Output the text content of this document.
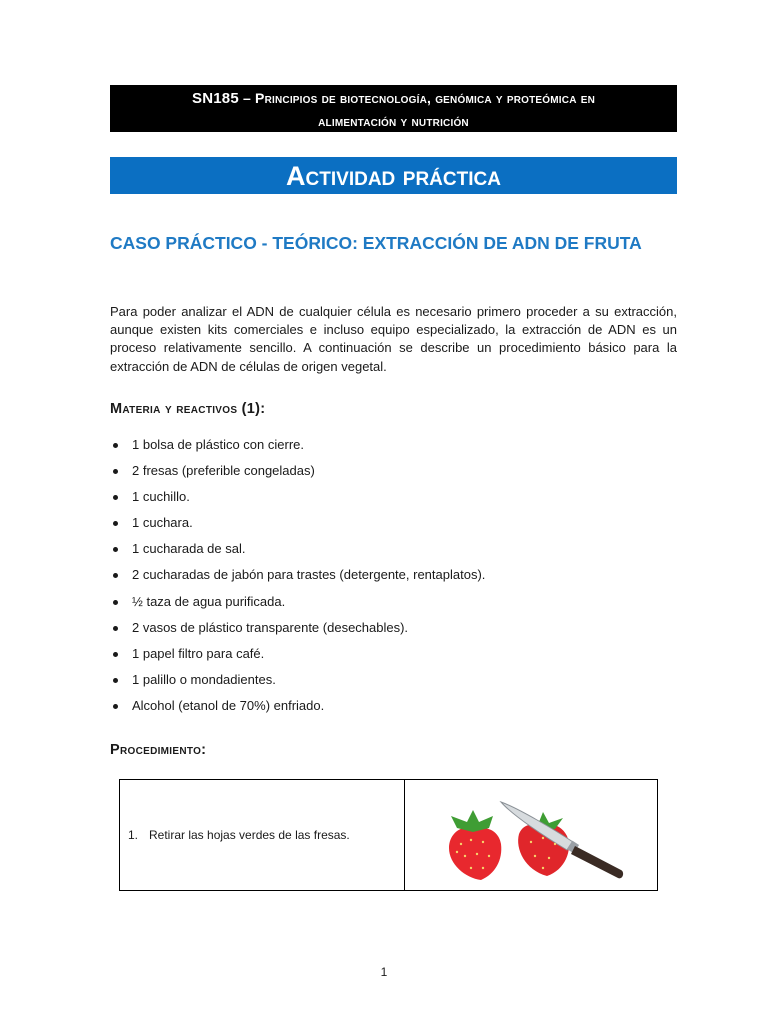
SN185 – Principios de biotecnología, genómica y proteómica en
alimentación y nutrición
Actividad práctica
CASO PRÁCTICO - TEÓRICO: EXTRACCIÓN DE ADN DE FRUTA

Para poder analizar el ADN de cualquier célula es necesario primero proceder a su extracción, aunque existen kits comerciales e incluso equipo especializado, la extracción de ADN es un proceso relativamente sencillo. A continuación se describe un procedimiento básico para la extracción de ADN de células de origen vegetal.

Materia y reactivos (1):
1 bolsa de plástico con cierre.
2 fresas (preferible congeladas)
1 cuchillo.
1 cuchara.
1 cucharada de sal.
2 cucharadas de jabón para trastes (detergente, rentaplatos).
½ taza de agua purificada.
2 vasos de plástico transparente (desechables).
1 papel filtro para café.
1 palillo o mondadientes.
Alcohol (etanol de 70%) enfriado.
Procedimiento:
1. Retirar las hojas verdes de las fresas.
1
